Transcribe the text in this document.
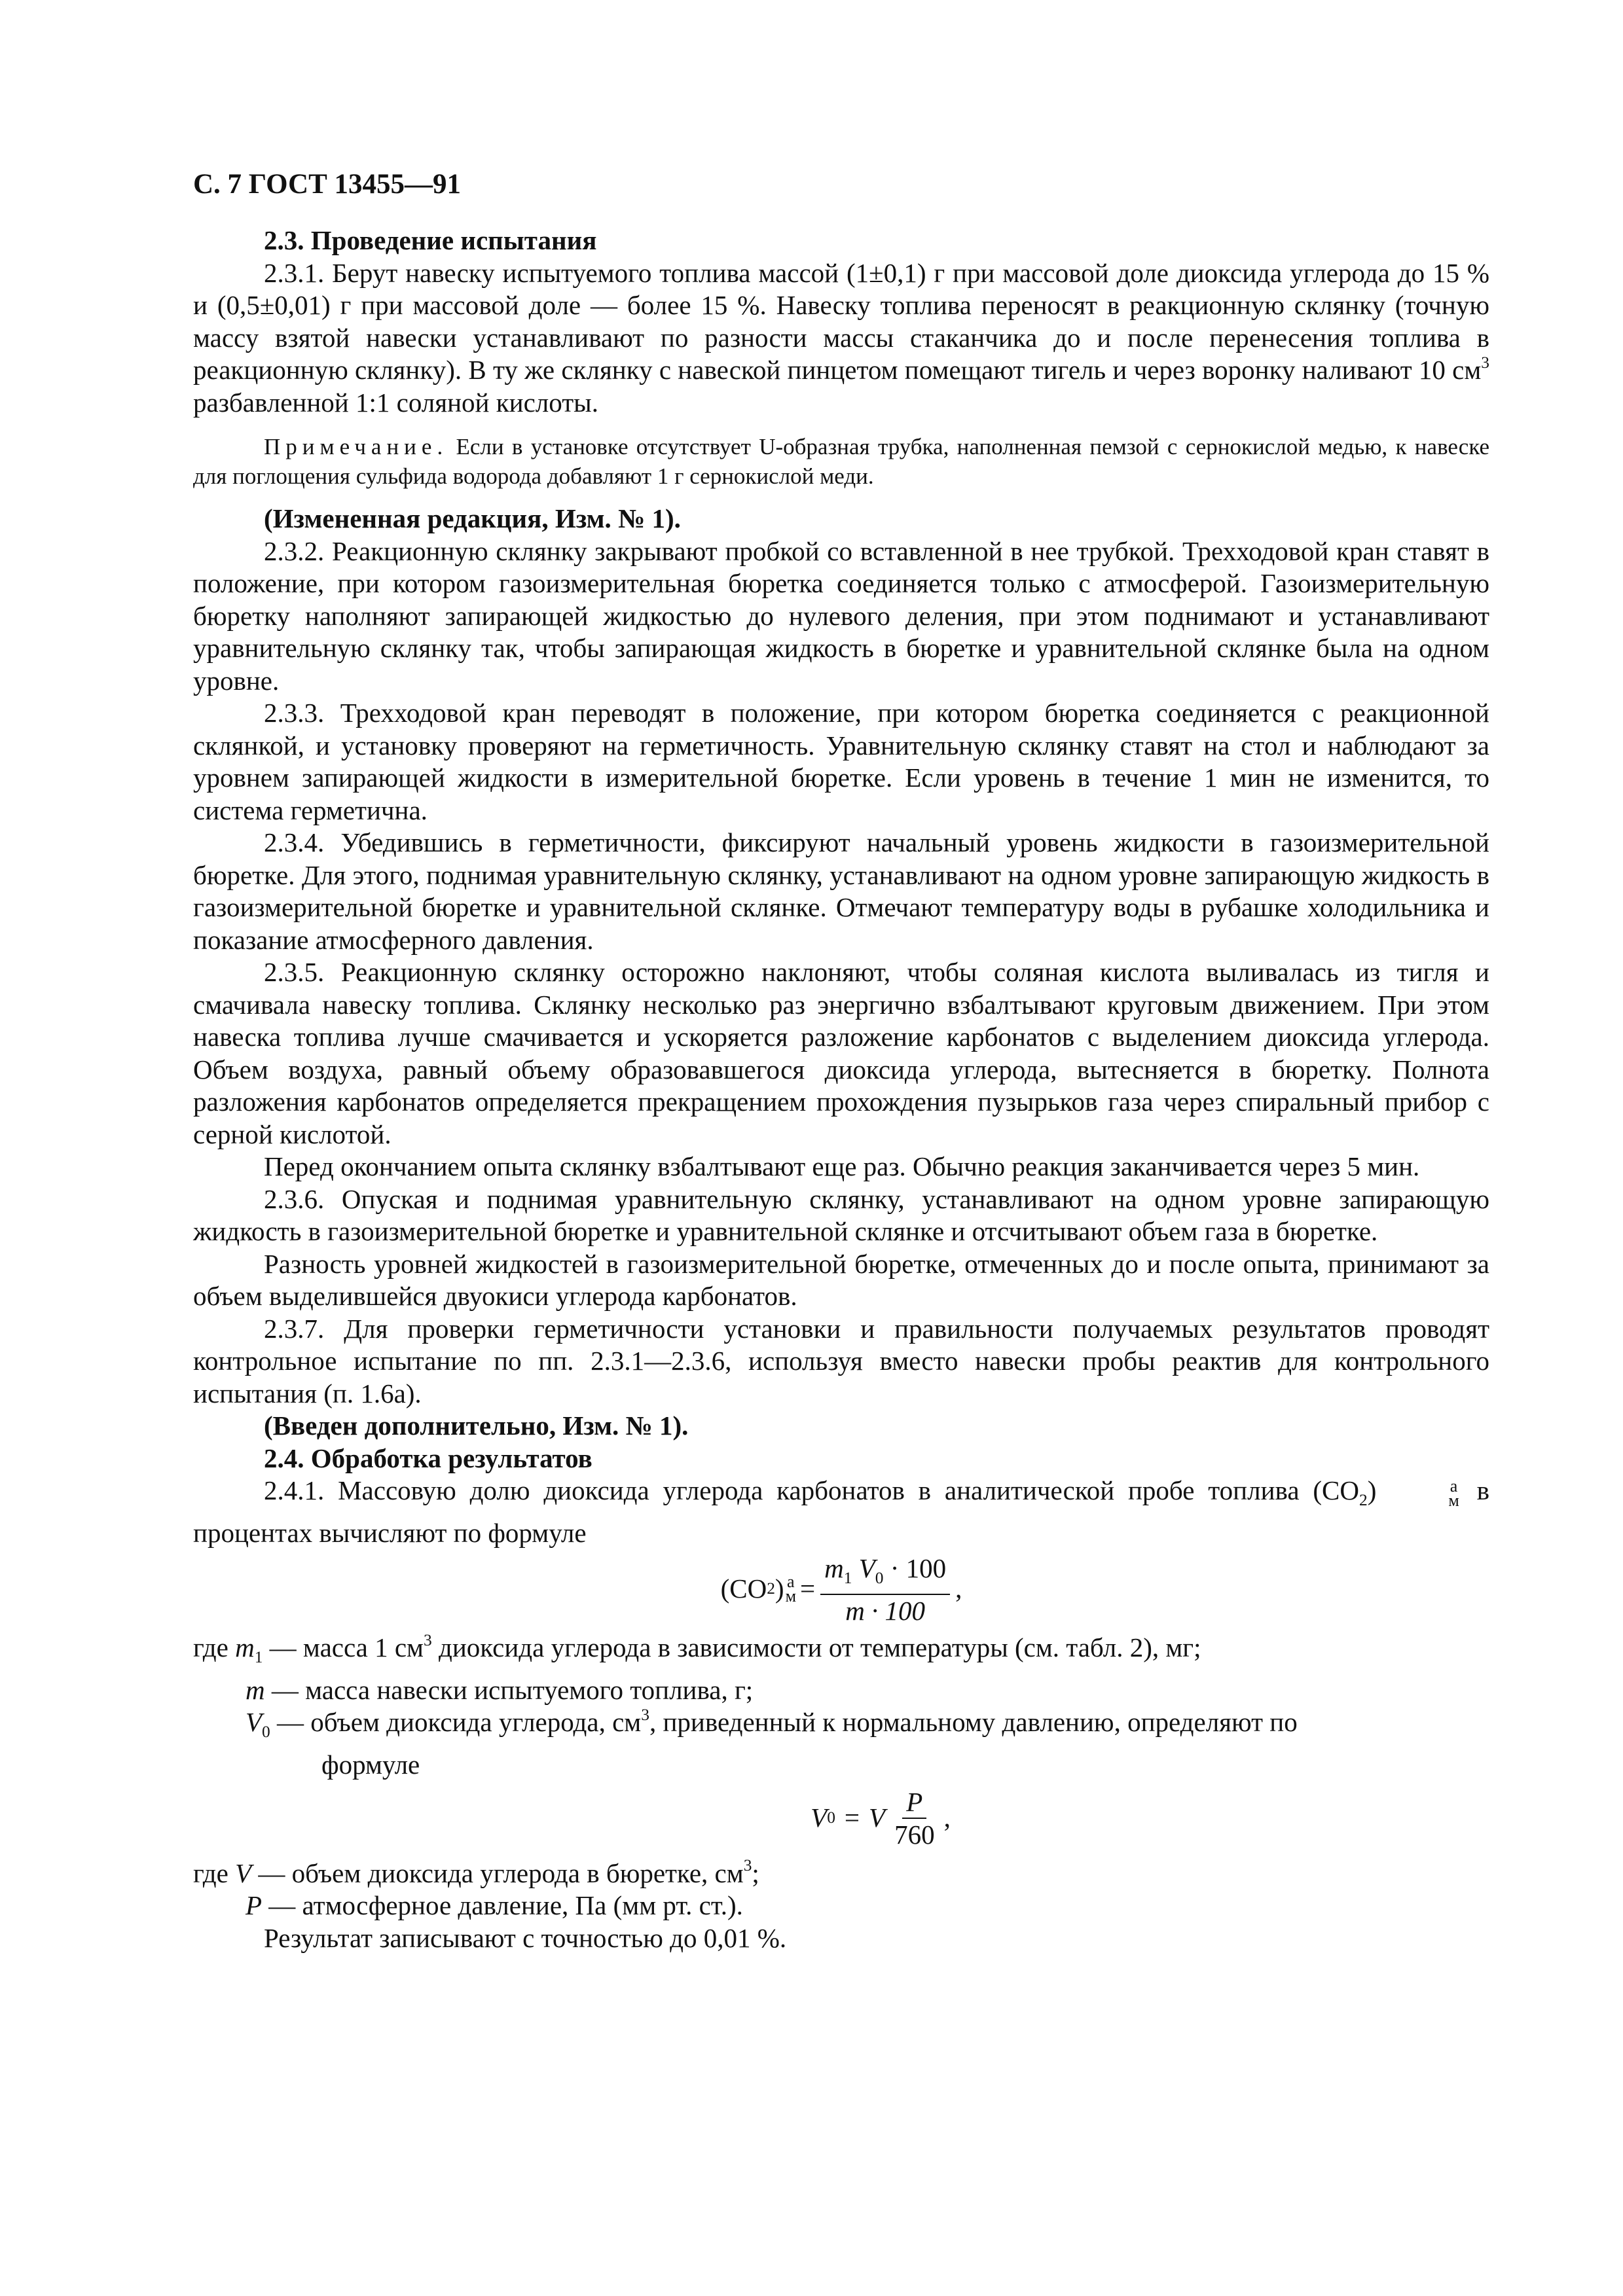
С. 7 ГОСТ 13455—91

2.3. Проведение испытания

2.3.1. Берут навеску испытуемого топлива массой (1±0,1) г при массовой доле диоксида углерода до 15 % и (0,5±0,01) г при массовой доле — более 15 %. Навеску топлива переносят в реакционную склянку (точную массу взятой навески устанавливают по разности массы стаканчика до и после перенесения топлива в реакционную склянку). В ту же склянку с навеской пинцетом помещают тигель и через воронку наливают 10 $см^3$ разбавленной 1:1 соляной кислоты.

Примечание. Если в установке отсутствует U-образная трубка, наполненная пемзой с сернокислой медью, к навеске для поглощения сульфида водорода добавляют 1 г сернокислой меди.

(Измененная редакция, Изм. № 1).

2.3.2. Реакционную склянку закрывают пробкой со вставленной в нее трубкой. Трехходовой кран ставят в положение, при котором газоизмерительная бюретка соединяется только с атмосферой. Газоизмерительную бюретку наполняют запирающей жидкостью до нулевого деления, при этом поднимают и устанавливают уравнительную склянку так, чтобы запирающая жидкость в бюретке и уравнительной склянке была на одном уровне.

2.3.3. Трехходовой кран переводят в положение, при котором бюретка соединяется с реакционной склянкой, и установку проверяют на герметичность. Уравнительную склянку ставят на стол и наблюдают за уровнем запирающей жидкости в измерительной бюретке. Если уровень в течение 1 мин не изменится, то система герметична.

2.3.4. Убедившись в герметичности, фиксируют начальный уровень жидкости в газоизмерительной бюретке. Для этого, поднимая уравнительную склянку, устанавливают на одном уровне запирающую жидкость в газоизмерительной бюретке и уравнительной склянке. Отмечают температуру воды в рубашке холодильника и показание атмосферного давления.

2.3.5. Реакционную склянку осторожно наклоняют, чтобы соляная кислота выливалась из тигля и смачивала навеску топлива. Склянку несколько раз энергично взбалтывают круговым движением. При этом навеска топлива лучше смачивается и ускоряется разложение карбонатов с выделением диоксида углерода. Объем воздуха, равный объему образовавшегося диоксида углерода, вытесняется в бюретку. Полнота разложения карбонатов определяется прекращением прохождения пузырьков газа через спиральный прибор с серной кислотой.

Перед окончанием опыта склянку взбалтывают еще раз. Обычно реакция заканчивается через 5 мин.

2.3.6. Опуская и поднимая уравнительную склянку, устанавливают на одном уровне запирающую жидкость в газоизмерительной бюретке и уравнительной склянке и отсчитывают объем газа в бюретке.

Разность уровней жидкостей в газоизмерительной бюретке, отмеченных до и после опыта, принимают за объем выделившейся двуокиси углерода карбонатов.

2.3.7. Для проверки герметичности установки и правильности получаемых результатов проводят контрольное испытание по пп. 2.3.1—2.3.6, используя вместо навески пробы реактив для контрольного испытания (п. 1.6а).

(Введен дополнительно, Изм. № 1).

2.4. Обработка результатов

2.4.1. Массовую долю диоксида углерода карбонатов в аналитической пробе топлива $(CO_2)$	а
м в процентах вычисляют по формуле

(CO 2 ) а
$м = \frac{m_1 V_0 \cdot 100}{m \cdot 100}$ ,

где $m_1$ — масса 1 $см^3$ диоксида углерода в зависимости от температуры (см. табл. 2), мг;

m — масса навески испытуемого топлива, г;

$V_0$ — объем диоксида углерода, $см^3$, приведенный к нормальному давлению, определяют по

формуле

V 0 = V $\frac{P}{760}$ ,

где V — объем диоксида углерода в бюретке, $см^3$;

P — атмосферное давление, Па (мм рт. ст.).

Результат записывают с точностью до 0,01 %.
